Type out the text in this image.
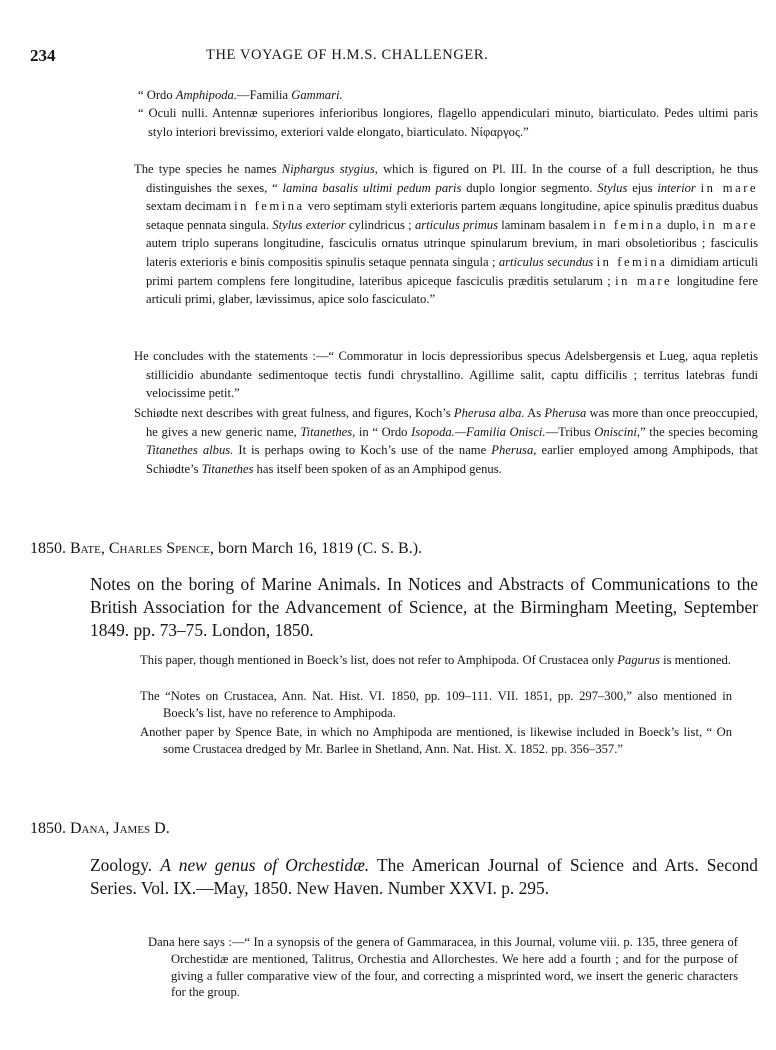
234	THE VOYAGE OF H.M.S. CHALLENGER.
“ Ordo Amphipoda.—Familia Gammari.
“ Oculi nulli. Antennæ superiores inferioribus longiores, flagello appendiculari minuto, biarticulato. Pedes ultimi paris stylo interiori brevissimo, exteriori valde elongato, biarticulato. Νίφαργος.”
The type species he names Niphargus stygius, which is figured on Pl. III. In the course of a full description, he thus distinguishes the sexes, “ lamina basalis ultimi pedum paris duplo longior segmento. Stylus ejus interior in mare sextam decimam in femina vero septimam styli exterioris partem æquans longitudine, apice spinulis præditus duabus setaque pennata singula. Stylus exterior cylindricus ; articulus primus laminam basalem in femina duplo, in mare autem triplo superans longitudine, fasciculis ornatus utrinque spinularum brevium, in mari obsoletioribus ; fasciculis lateris exterioris e binis compositis spinulis setaque pennata singula ; articulus secundus in femina dimidiam articuli primi partem complens fere longitudine, lateribus apiceque fasciculis præditis setularum ; in mare longitudine fere articuli primi, glaber, lævissimus, apice solo fasciculato.”
He concludes with the statements :—“ Commoratur in locis depressioribus specus Adelsbergensis et Lueg, aqua repletis stillicidio abundante sedimentoque tectis fundi chrystallino. Agillime salit, captu difficilis ; territus latebras fundi velocissime petit.”
Schiødte next describes with great fulness, and figures, Koch’s Pherusa alba. As Pherusa was more than once preoccupied, he gives a new generic name, Titanethes, in “ Ordo Isopoda.—Familia Onisci.—Tribus Oniscini,” the species becoming Titanethes albus. It is perhaps owing to Koch’s use of the name Pherusa, earlier employed among Amphipods, that Schiødte’s Titanethes has itself been spoken of as an Amphipod genus.
1850. Bate, Charles Spence, born March 16, 1819 (C. S. B.).
Notes on the boring of Marine Animals. In Notices and Abstracts of Communications to the British Association for the Advancement of Science, at the Birmingham Meeting, September 1849. pp. 73–75. London, 1850.
This paper, though mentioned in Boeck’s list, does not refer to Amphipoda. Of Crustacea only Pagurus is mentioned.
The “Notes on Crustacea, Ann. Nat. Hist. VI. 1850, pp. 109–111. VII. 1851, pp. 297–300,” also mentioned in Boeck’s list, have no reference to Amphipoda.
Another paper by Spence Bate, in which no Amphipoda are mentioned, is likewise included in Boeck’s list, “ On some Crustacea dredged by Mr. Barlee in Shetland, Ann. Nat. Hist. X. 1852. pp. 356–357.”
1850. Dana, James D.
Zoology. A new genus of Orchestidæ. The American Journal of Science and Arts. Second Series. Vol. IX.—May, 1850. New Haven. Number XXVI. p. 295.
Dana here says :—“ In a synopsis of the genera of Gammaracea, in this Journal, volume viii. p. 135, three genera of Orchestidæ are mentioned, Talitrus, Orchestia and Allorchestes. We here add a fourth ; and for the purpose of giving a fuller comparative view of the four, and correcting a misprinted word, we insert the generic characters for the group.
